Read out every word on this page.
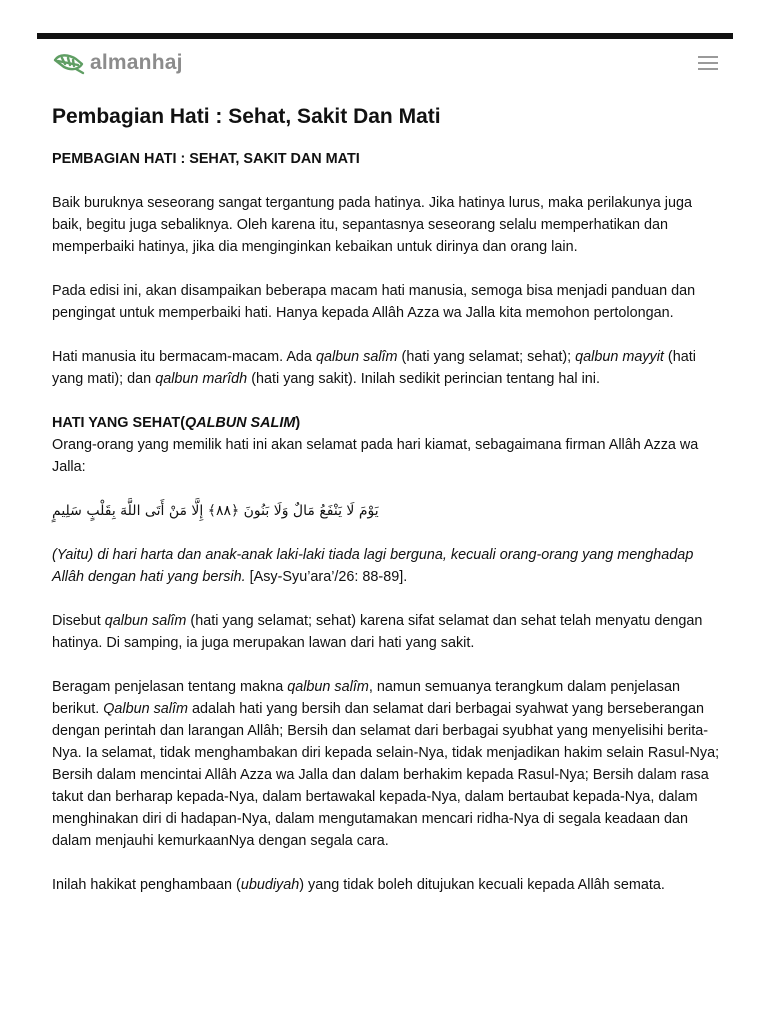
almanhaj
Pembagian Hati : Sehat, Sakit Dan Mati

PEMBAGIAN HATI : SEHAT, SAKIT DAN MATI

Baik buruknya seseorang sangat tergantung pada hatinya. Jika hatinya lurus, maka perilakunya juga baik, begitu juga sebaliknya. Oleh karena itu, sepantasnya seseorang selalu memperhatikan dan memperbaiki hatinya, jika dia menginginkan kebaikan untuk dirinya dan orang lain.

Pada edisi ini, akan disampaikan beberapa macam hati manusia, semoga bisa menjadi panduan dan pengingat untuk memperbaiki hati. Hanya kepada Allâh Azza wa Jalla kita memohon pertolongan.

Hati manusia itu bermacam-macam. Ada qalbun salîm (hati yang selamat; sehat); qalbun mayyit (hati yang mati); dan qalbun marîdh (hati yang sakit). Inilah sedikit perincian tentang hal ini.

HATI YANG SEHAT(QALBUN SALIM)
Orang-orang yang memilik hati ini akan selamat pada hari kiamat, sebagaimana firman Allâh Azza wa Jalla:

يَوْمَ لَا يَنْفَعُ مَالٌ وَلَا بَنُونَ ﴿٨٨﴾ إِلَّا مَنْ أَتَى اللَّهَ بِقَلْبٍ سَلِيمٍ

(Yaitu) di hari harta dan anak-anak laki-laki tiada lagi berguna, kecuali orang-orang yang menghadap Allâh dengan hati yang bersih. [Asy-Syu’ara’/26: 88-89].

Disebut qalbun salîm (hati yang selamat; sehat) karena sifat selamat dan sehat telah menyatu dengan hatinya. Di samping, ia juga merupakan lawan dari hati yang sakit.

Beragam penjelasan tentang makna qalbun salîm, namun semuanya terangkum dalam penjelasan berikut. Qalbun salîm adalah hati yang bersih dan selamat dari berbagai syahwat yang berseberangan dengan perintah dan larangan Allâh; Bersih dan selamat dari berbagai syubhat yang menyelisihi berita-Nya. Ia selamat, tidak menghambakan diri kepada selain-Nya, tidak menjadikan hakim selain Rasul-Nya; Bersih dalam mencintai Allâh Azza wa Jalla dan dalam berhakim kepada Rasul-Nya; Bersih dalam rasa takut dan berharap kepada-Nya, dalam bertawakal kepada-Nya, dalam bertaubat kepada-Nya, dalam menghinakan diri di hadapan-Nya, dalam mengutamakan mencari ridha-Nya di segala keadaan dan dalam menjauhi kemurkaanNya dengan segala cara.

Inilah hakikat penghambaan (ubudiyah) yang tidak boleh ditujukan kecuali kepada Allâh semata.
